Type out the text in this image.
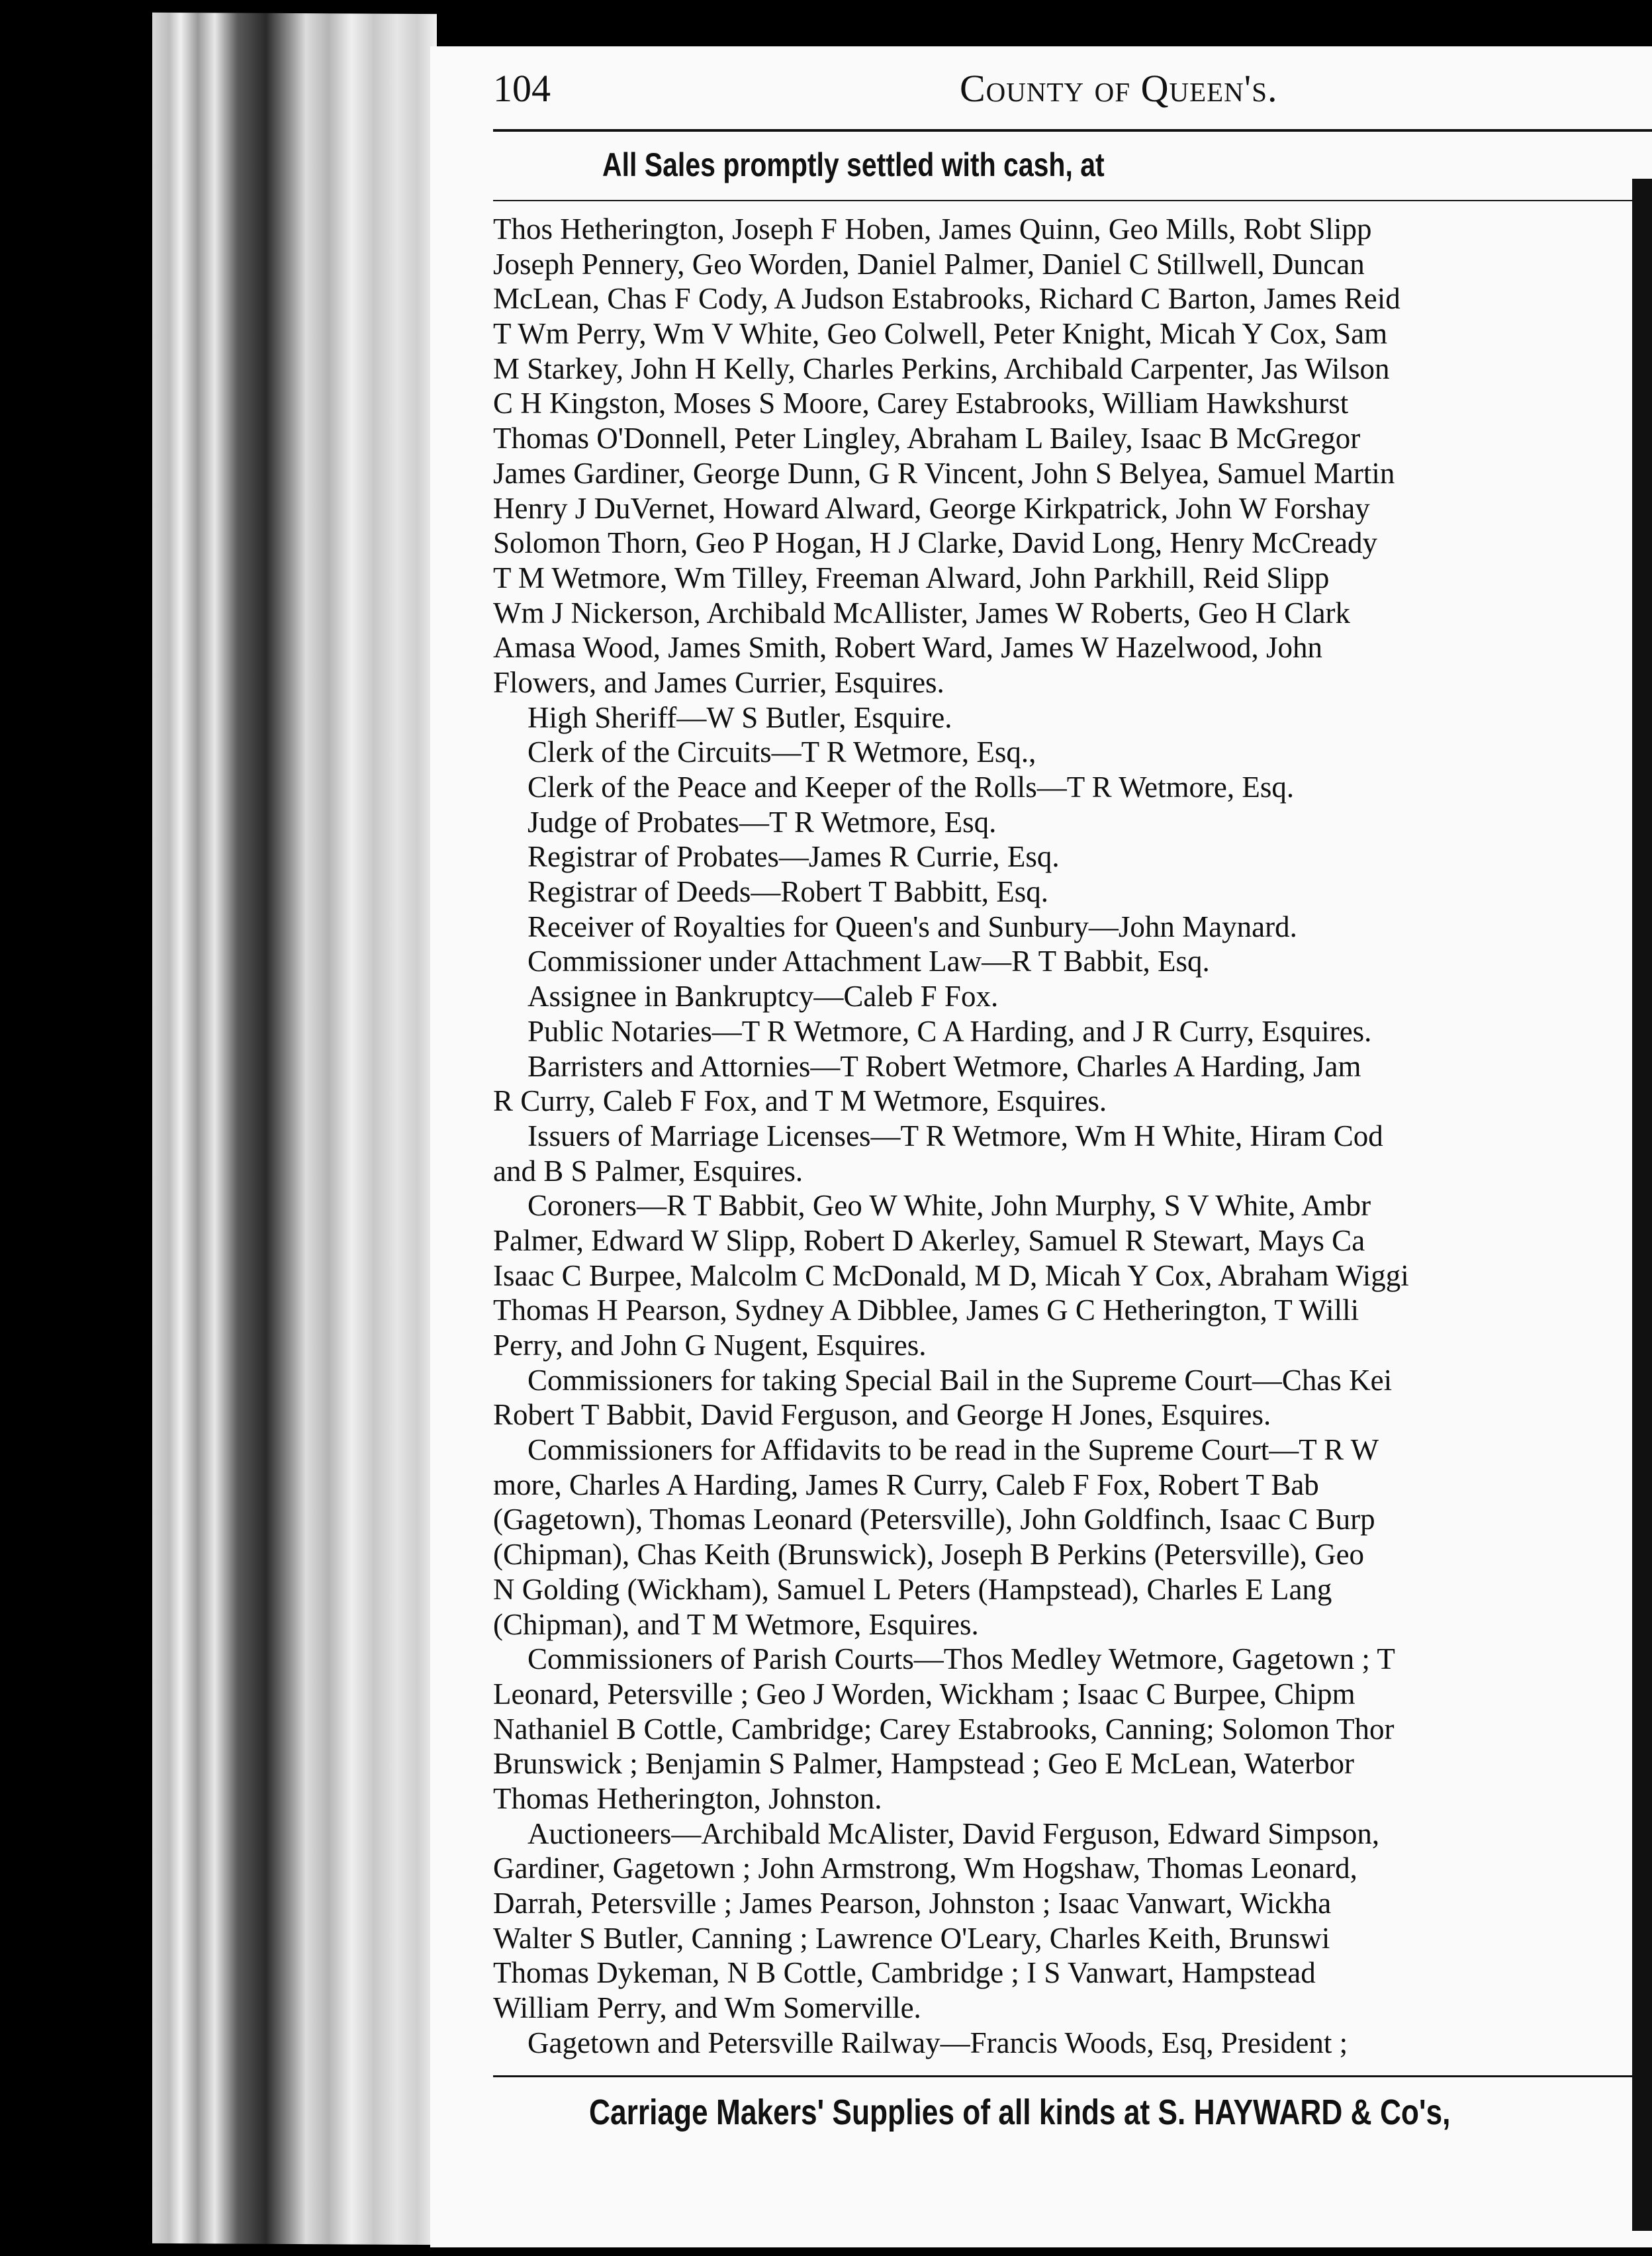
104	County of Queen's.
All Sales promptly settled with cash, at
Thos Hetherington, Joseph F Hoben, James Quinn, Geo Mills, Robt Slipp
Joseph Pennery, Geo Worden, Daniel Palmer, Daniel C Stillwell, Duncan
McLean, Chas F Cody, A Judson Estabrooks, Richard C Barton, James Reid
T Wm Perry, Wm V White, Geo Colwell, Peter Knight, Micah Y Cox, Sam
M Starkey, John H Kelly, Charles Perkins, Archibald Carpenter, Jas Wilson
C H Kingston, Moses S Moore, Carey Estabrooks, William Hawkshurst
Thomas O'Donnell, Peter Lingley, Abraham L Bailey, Isaac B McGregor
James Gardiner, George Dunn, G R Vincent, John S Belyea, Samuel Martin
Henry J DuVernet, Howard Alward, George Kirkpatrick, John W Forshay
Solomon Thorn, Geo P Hogan, H J Clarke, David Long, Henry McCready
T M Wetmore, Wm Tilley, Freeman Alward, John Parkhill, Reid Slipp
Wm J Nickerson, Archibald McAllister, James W Roberts, Geo H Clark
Amasa Wood, James Smith, Robert Ward, James W Hazelwood, John
Flowers, and James Currier, Esquires.
High Sheriff—W S Butler, Esquire.
Clerk of the Circuits—T R Wetmore, Esq.,
Clerk of the Peace and Keeper of the Rolls—T R Wetmore, Esq.
Judge of Probates—T R Wetmore, Esq.
Registrar of Probates—James R Currie, Esq.
Registrar of Deeds—Robert T Babbitt, Esq.
Receiver of Royalties for Queen's and Sunbury—John Maynard.
Commissioner under Attachment Law—R T Babbit, Esq.
Assignee in Bankruptcy—Caleb F Fox.
Public Notaries—T R Wetmore, C A Harding, and J R Curry, Esquires.
Barristers and Attornies—T Robert Wetmore, Charles A Harding, Jam
R Curry, Caleb F Fox, and T M Wetmore, Esquires.
Issuers of Marriage Licenses—T R Wetmore, Wm H White, Hiram Cod
and B S Palmer, Esquires.
Coroners—R T Babbit, Geo W White, John Murphy, S V White, Ambr
Palmer, Edward W Slipp, Robert D Akerley, Samuel R Stewart, Mays Ca
Isaac C Burpee, Malcolm C McDonald, M D, Micah Y Cox, Abraham Wiggi
Thomas H Pearson, Sydney A Dibblee, James G C Hetherington, T Willi
Perry, and John G Nugent, Esquires.
Commissioners for taking Special Bail in the Supreme Court—Chas Kei
Robert T Babbit, David Ferguson, and George H Jones, Esquires.
Commissioners for Affidavits to be read in the Supreme Court—T R W
more, Charles A Harding, James R Curry, Caleb F Fox, Robert T Bab
(Gagetown), Thomas Leonard (Petersville), John Goldfinch, Isaac C Burp
(Chipman), Chas Keith (Brunswick), Joseph B Perkins (Petersville), Geo
N Golding (Wickham), Samuel L Peters (Hampstead), Charles E Lang
(Chipman), and T M Wetmore, Esquires.
Commissioners of Parish Courts—Thos Medley Wetmore, Gagetown ; T
Leonard, Petersville ; Geo J Worden, Wickham ; Isaac C Burpee, Chipm
Nathaniel B Cottle, Cambridge; Carey Estabrooks, Canning; Solomon Thor
Brunswick ; Benjamin S Palmer, Hampstead ; Geo E McLean, Waterbor
Thomas Hetherington, Johnston.
Auctioneers—Archibald McAlister, David Ferguson, Edward Simpson,
Gardiner, Gagetown ; John Armstrong, Wm Hogshaw, Thomas Leonard,
Darrah, Petersville ; James Pearson, Johnston ; Isaac Vanwart, Wickha
Walter S Butler, Canning ; Lawrence O'Leary, Charles Keith, Brunswi
Thomas Dykeman, N B Cottle, Cambridge ; I S Vanwart, Hampstead
William Perry, and Wm Somerville.
Gagetown and Petersville Railway—Francis Woods, Esq, President ;
Carriage Makers' Supplies of all kinds at S. HAYWARD & Co's,
